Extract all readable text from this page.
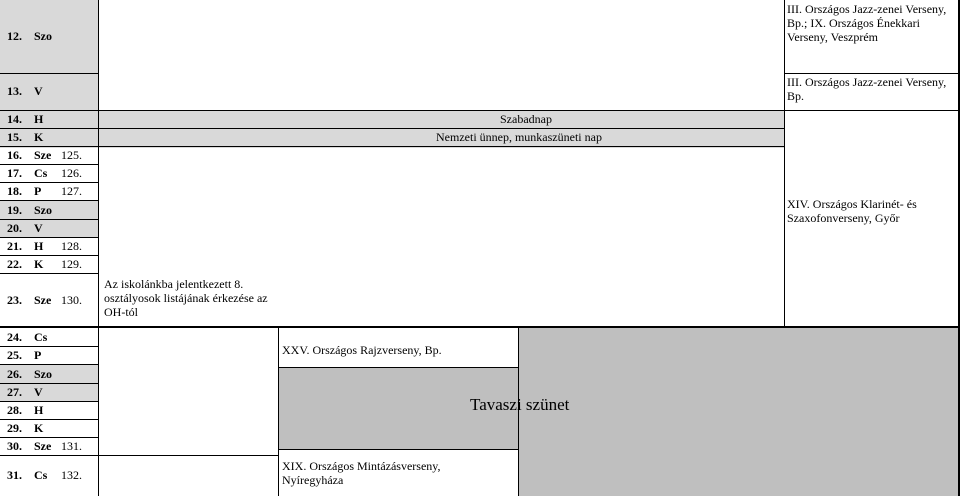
12. Szo
13. V
14. H
15. K
16. Sze 125.
17. Cs 126.
18. P 127.
19. Szo
20. V
21. H 128.
22. K 129.
23. Sze 130.
24. Cs
25. P
26. Szo
27. V
28. H
29. K
30. Sze 131.
31. Cs 132.
Szabadnap
Nemzeti ünnep, munkaszüneti nap
Az iskolánkba jelentkezett 8. osztályosok listájának érkezése az OH-tól
XXV. Országos Rajzverseny, Bp.
Tavaszi szünet
XIX. Országos Mintázásverseny, Nyíregyháza
III. Országos Jazz-zenei Verseny, Bp.; IX. Országos Énekkari Verseny, Veszprém
III. Országos Jazz-zenei Verseny, Bp.
XIV. Országos Klarinét- és Szaxofonverseny, Győr
